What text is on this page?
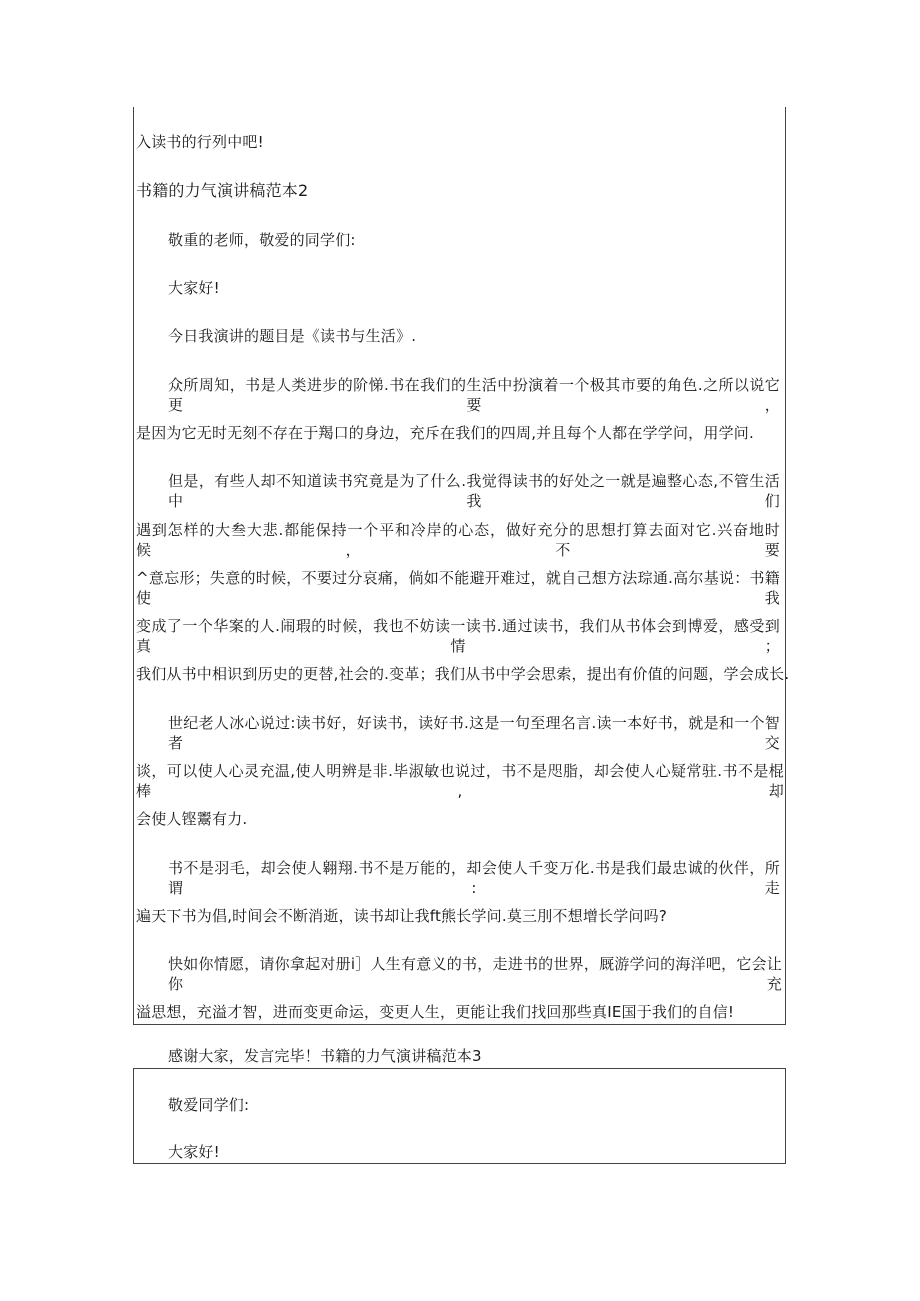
入读书的行列中吧!
书籍的力气演讲稿范本2
敬重的老师，敬爱的同学们:
大家好!
今日我演讲的题目是《读书与生活》.
众所周知，书是人类进步的阶悌.书在我们的生活中扮演着一个极其市要的角色.之所以说它更要，
是因为它无时无刻不存在于羯口的身边，充斥在我们的四周,并且每个人都在学学问，用学问.
但是，有些人却不知道读书究竟是为了什么.我觉得读书的好处之一就是遍整心态,不管生活中我们
遇到怎样的大叁大悲.都能保持一个平和冷岸的心态，做好充分的思想打算去面对它.兴奋地时候，不要
^意忘形；失意的时候，不要过分哀痛，倘如不能避开难过，就自己想方法琮通.高尔基说：书籍使我
变成了一个华案的人.闹瑕的时候，我也不妨读一读书.通过读书，我们从书体会到博爱，感受到真情；
我们从书中相识到历史的更替,社会的.变革；我们从书中学会思索，提出有价值的问题，学会成长.
世纪老人冰心说过:读书好，好读书，读好书.这是一句至理名言.读一本好书，就是和一个智者交
谈，可以使人心灵充温,使人明辨是非.毕淑敏也说过，书不是咫脂，却会使人心疑常驻.书不是棍棒,却
会使人铿鬻有力.
书不是羽毛，却会使人翱翔.书不是万能的，却会使人千变万化.书是我们最忠诚的伙伴，所谓:走
遍天下书为倡,时间会不断消逝，读书却让我ft熊长学问.莫三刖不想增长学问吗?
快如你情愿，请你拿起对册i］人生有意义的书，走进书的世界，厩游学问的海洋吧，它会让你充
溢思想，充溢才智，进而变更命运，变更人生，更能让我们找回那些真IE国于我们的自信!
感谢大家，发言完毕！书籍的力气演讲稿范本3
敬爱同学们:
大家好!
